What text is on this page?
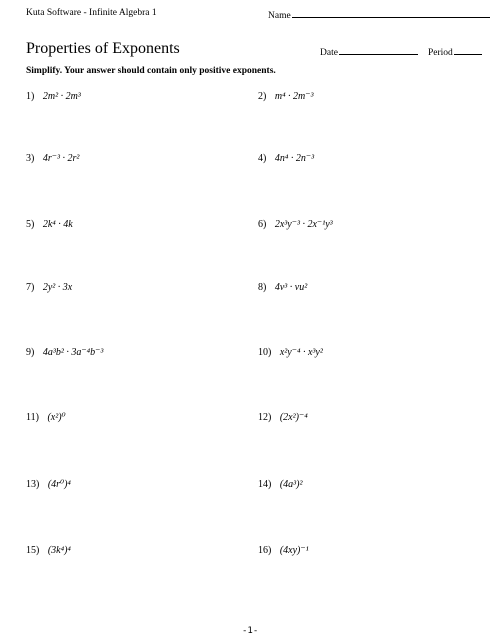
Kuta Software - Infinite Algebra 1	Name
Properties of Exponents	Date	Period
Simplify. Your answer should contain only positive exponents.
1) 2m² · 2m³	2) m⁴ · 2m⁻³
3) 4r⁻³ · 2r²	4) 4n⁴ · 2n⁻³
5) 2k⁴ · 4k	6) 2x³y⁻³ · 2x⁻¹y³
7) 2y² · 3x	8) 4v³ · vu²
9) 4a³b² · 3a⁻⁴b⁻³	10) x²y⁻⁴ · x³y²
11) (x²)⁰	12) (2x²)⁻⁴
13) (4r⁰)⁴	14) (4a³)²
15) (3k⁴)⁴	16) (4xy)⁻¹
-1-
